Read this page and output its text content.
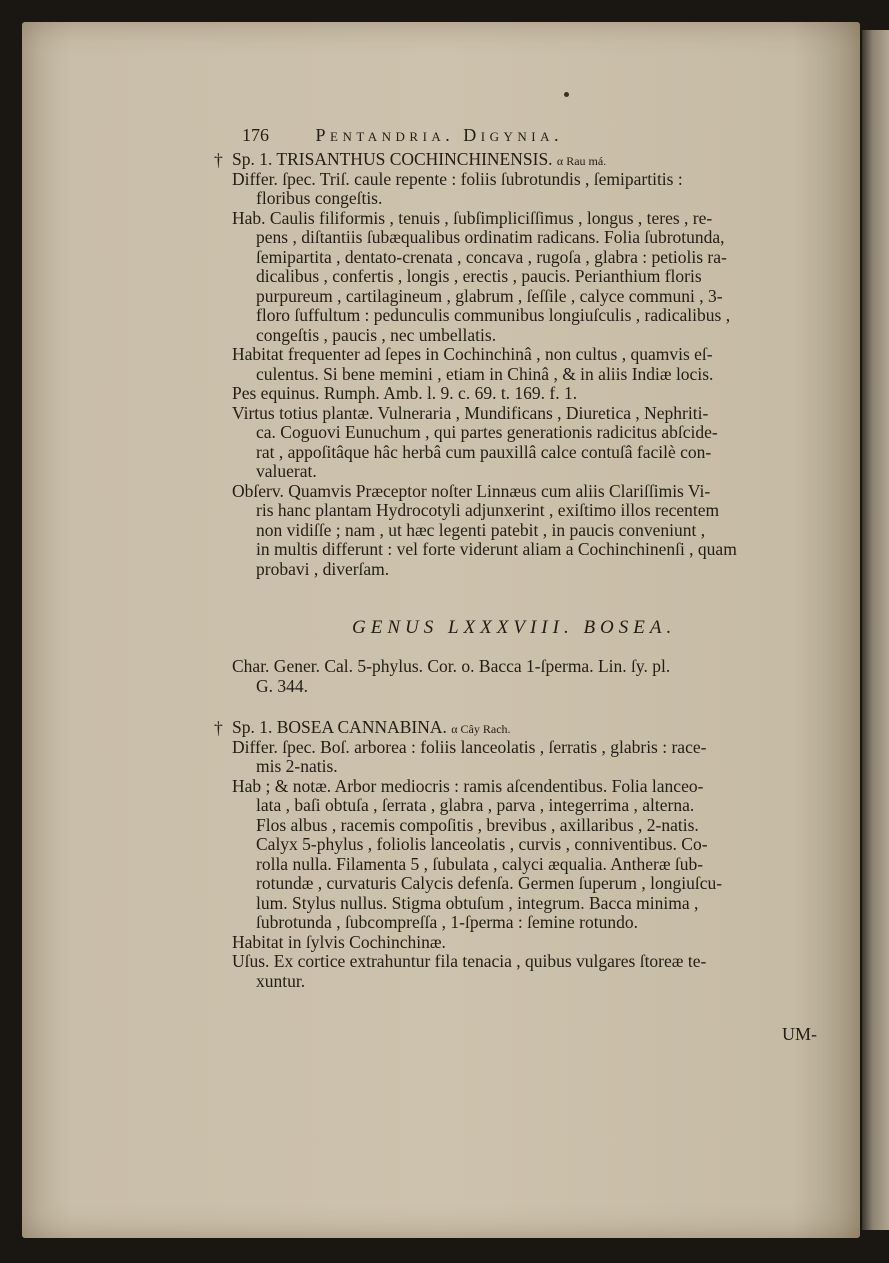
176	Pentandria. Digynia.
† Sp. 1. TRISANTHUS COCHINCHINENSIS. α Rau má.
Differ. ſpec. Triſ. caule repente : foliis ſubrotundis , ſemipartitis :
floribus congeſtis.
Hab. Caulis filiformis , tenuis , ſubſimpliciſſimus , longus , teres , re-
pens , diſtantiis ſubæqualibus ordinatim radicans. Folia ſubrotunda,
ſemipartita , dentato-crenata , concava , rugoſa , glabra : petiolis ra-
dicalibus , confertis , longis , erectis , paucis. Perianthium floris
purpureum , cartilagineum , glabrum , ſeſſile , calyce communi , 3-
floro ſuffultum : pedunculis communibus longiuſculis , radicalibus ,
congeſtis , paucis , nec umbellatis.
Habitat frequenter ad ſepes in Cochinchinâ , non cultus , quamvis eſ-
culentus. Si bene memini , etiam in Chinâ , & in aliis Indiæ locis.
Pes equinus. Rumph. Amb. l. 9. c. 69. t. 169. f. 1.
Virtus totius plantæ. Vulneraria , Mundificans , Diuretica , Nephriti-
ca. Coguovi Eunuchum , qui partes generationis radicitus abſcide-
rat , appoſitâque hâc herbâ cum pauxillâ calce contuſâ facilè con-
valuerat.
Obſerv. Quamvis Præceptor noſter Linnæus cum aliis Clariſſimis Vi-
ris hanc plantam Hydrocotyli adjunxerint , exiſtimo illos recentem
non vidiſſe ; nam , ut hæc legenti patebit , in paucis conveniunt ,
in multis differunt : vel forte viderunt aliam a Cochinchinenſi , quam
probavi , diverſam.
GENUS LXXXVIII. BOSEA.
Char. Gener. Cal. 5-phylus. Cor. o. Bacca 1-ſperma. Lin. ſy. pl.
G. 344.
† Sp. 1. BOSEA CANNABINA. α Cây Rach.
Differ. ſpec. Boſ. arborea : foliis lanceolatis , ſerratis , glabris : race-
mis 2-natis.
Hab ; & notæ. Arbor mediocris : ramis aſcendentibus. Folia lanceo-
lata , baſi obtuſa , ſerrata , glabra , parva , integerrima , alterna.
Flos albus , racemis compoſitis , brevibus , axillaribus , 2-natis.
Calyx 5-phylus , foliolis lanceolatis , curvis , conniventibus. Co-
rolla nulla. Filamenta 5 , ſubulata , calyci æqualia. Antheræ ſub-
rotundæ , curvaturis Calycis defenſa. Germen ſuperum , longiuſcu-
lum. Stylus nullus. Stigma obtuſum , integrum. Bacca minima ,
ſubrotunda , ſubcompreſſa , 1-ſperma : ſemine rotundo.
Habitat in ſylvis Cochinchinæ.
Uſus. Ex cortice extrahuntur fila tenacia , quibus vulgares ſtoreæ te-
xuntur.
UM-
